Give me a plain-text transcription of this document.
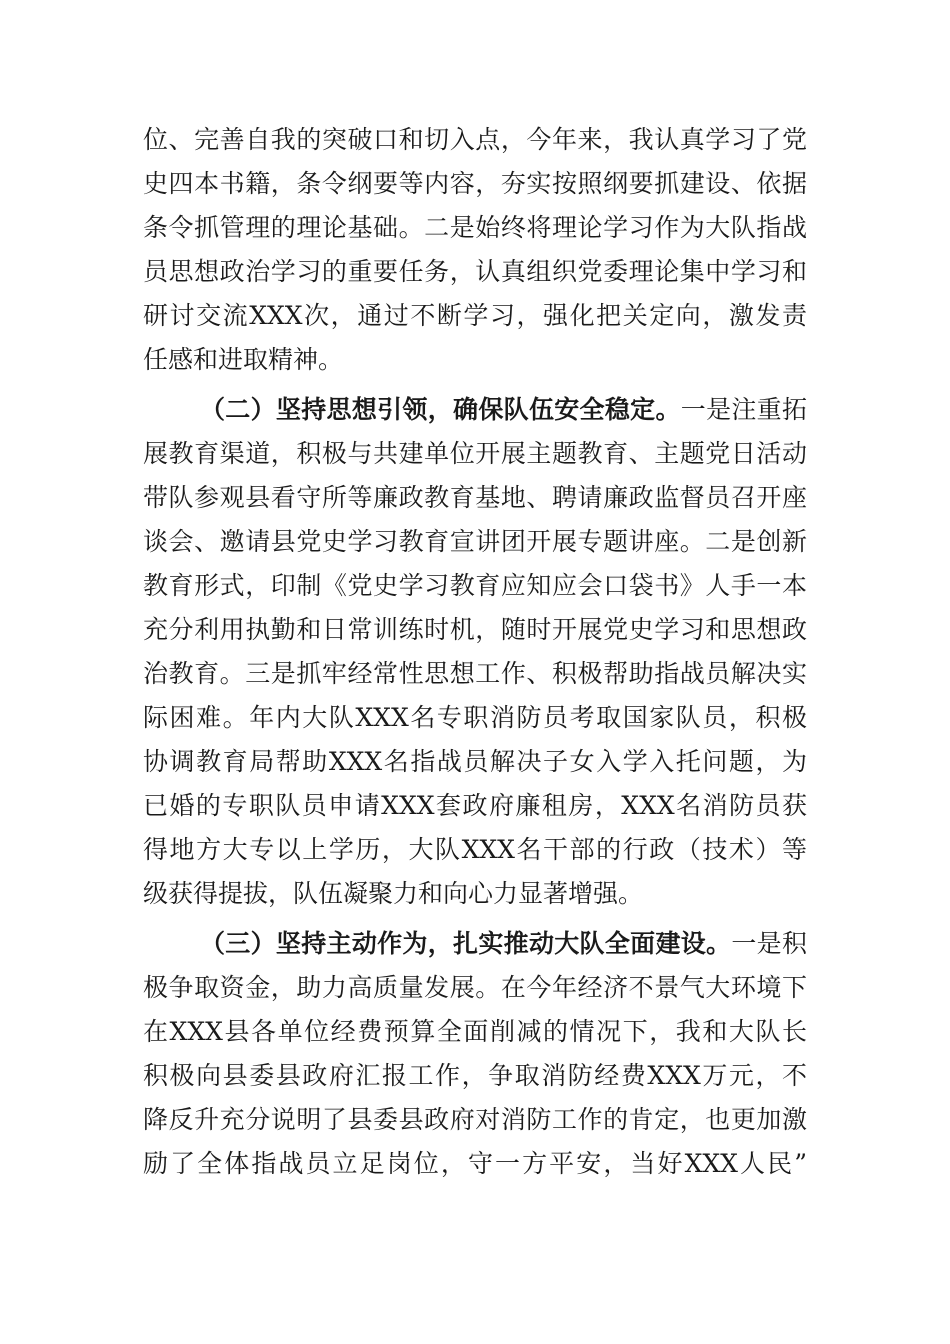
位、完善自我的突破口和切入点，今年来，我认真学习了党
史四本书籍，条令纲要等内容，夯实按照纲要抓建设、依据
条令抓管理的理论基础。二是始终将理论学习作为大队指战
员思想政治学习的重要任务，认真组织党委理论集中学习和
研讨交流XXX次，通过不断学习，强化把关定向，激发责
任感和进取精神。
（二）坚持思想引领，确保队伍安全稳定。一是注重拓
展教育渠道，积极与共建单位开展主题教育、主题党日活动
带队参观县看守所等廉政教育基地、聘请廉政监督员召开座
谈会、邀请县党史学习教育宣讲团开展专题讲座。二是创新
教育形式，印制《党史学习教育应知应会口袋书》人手一本
充分利用执勤和日常训练时机，随时开展党史学习和思想政
治教育。三是抓牢经常性思想工作、积极帮助指战员解决实
际困难。年内大队XXX名专职消防员考取国家队员，积极
协调教育局帮助XXX名指战员解决子女入学入托问题，为
已婚的专职队员申请XXX套政府廉租房，XXX名消防员获
得地方大专以上学历，大队XXX名干部的行政（技术）等
级获得提拔，队伍凝聚力和向心力显著增强。
（三）坚持主动作为，扎实推动大队全面建设。一是积
极争取资金，助力高质量发展。在今年经济不景气大环境下
在XXX县各单位经费预算全面削减的情况下，我和大队长
积极向县委县政府汇报工作，争取消防经费XXX万元，不
降反升充分说明了县委县政府对消防工作的肯定，也更加激
励了全体指战员立足岗位，守一方平安，当好XXX人民”
